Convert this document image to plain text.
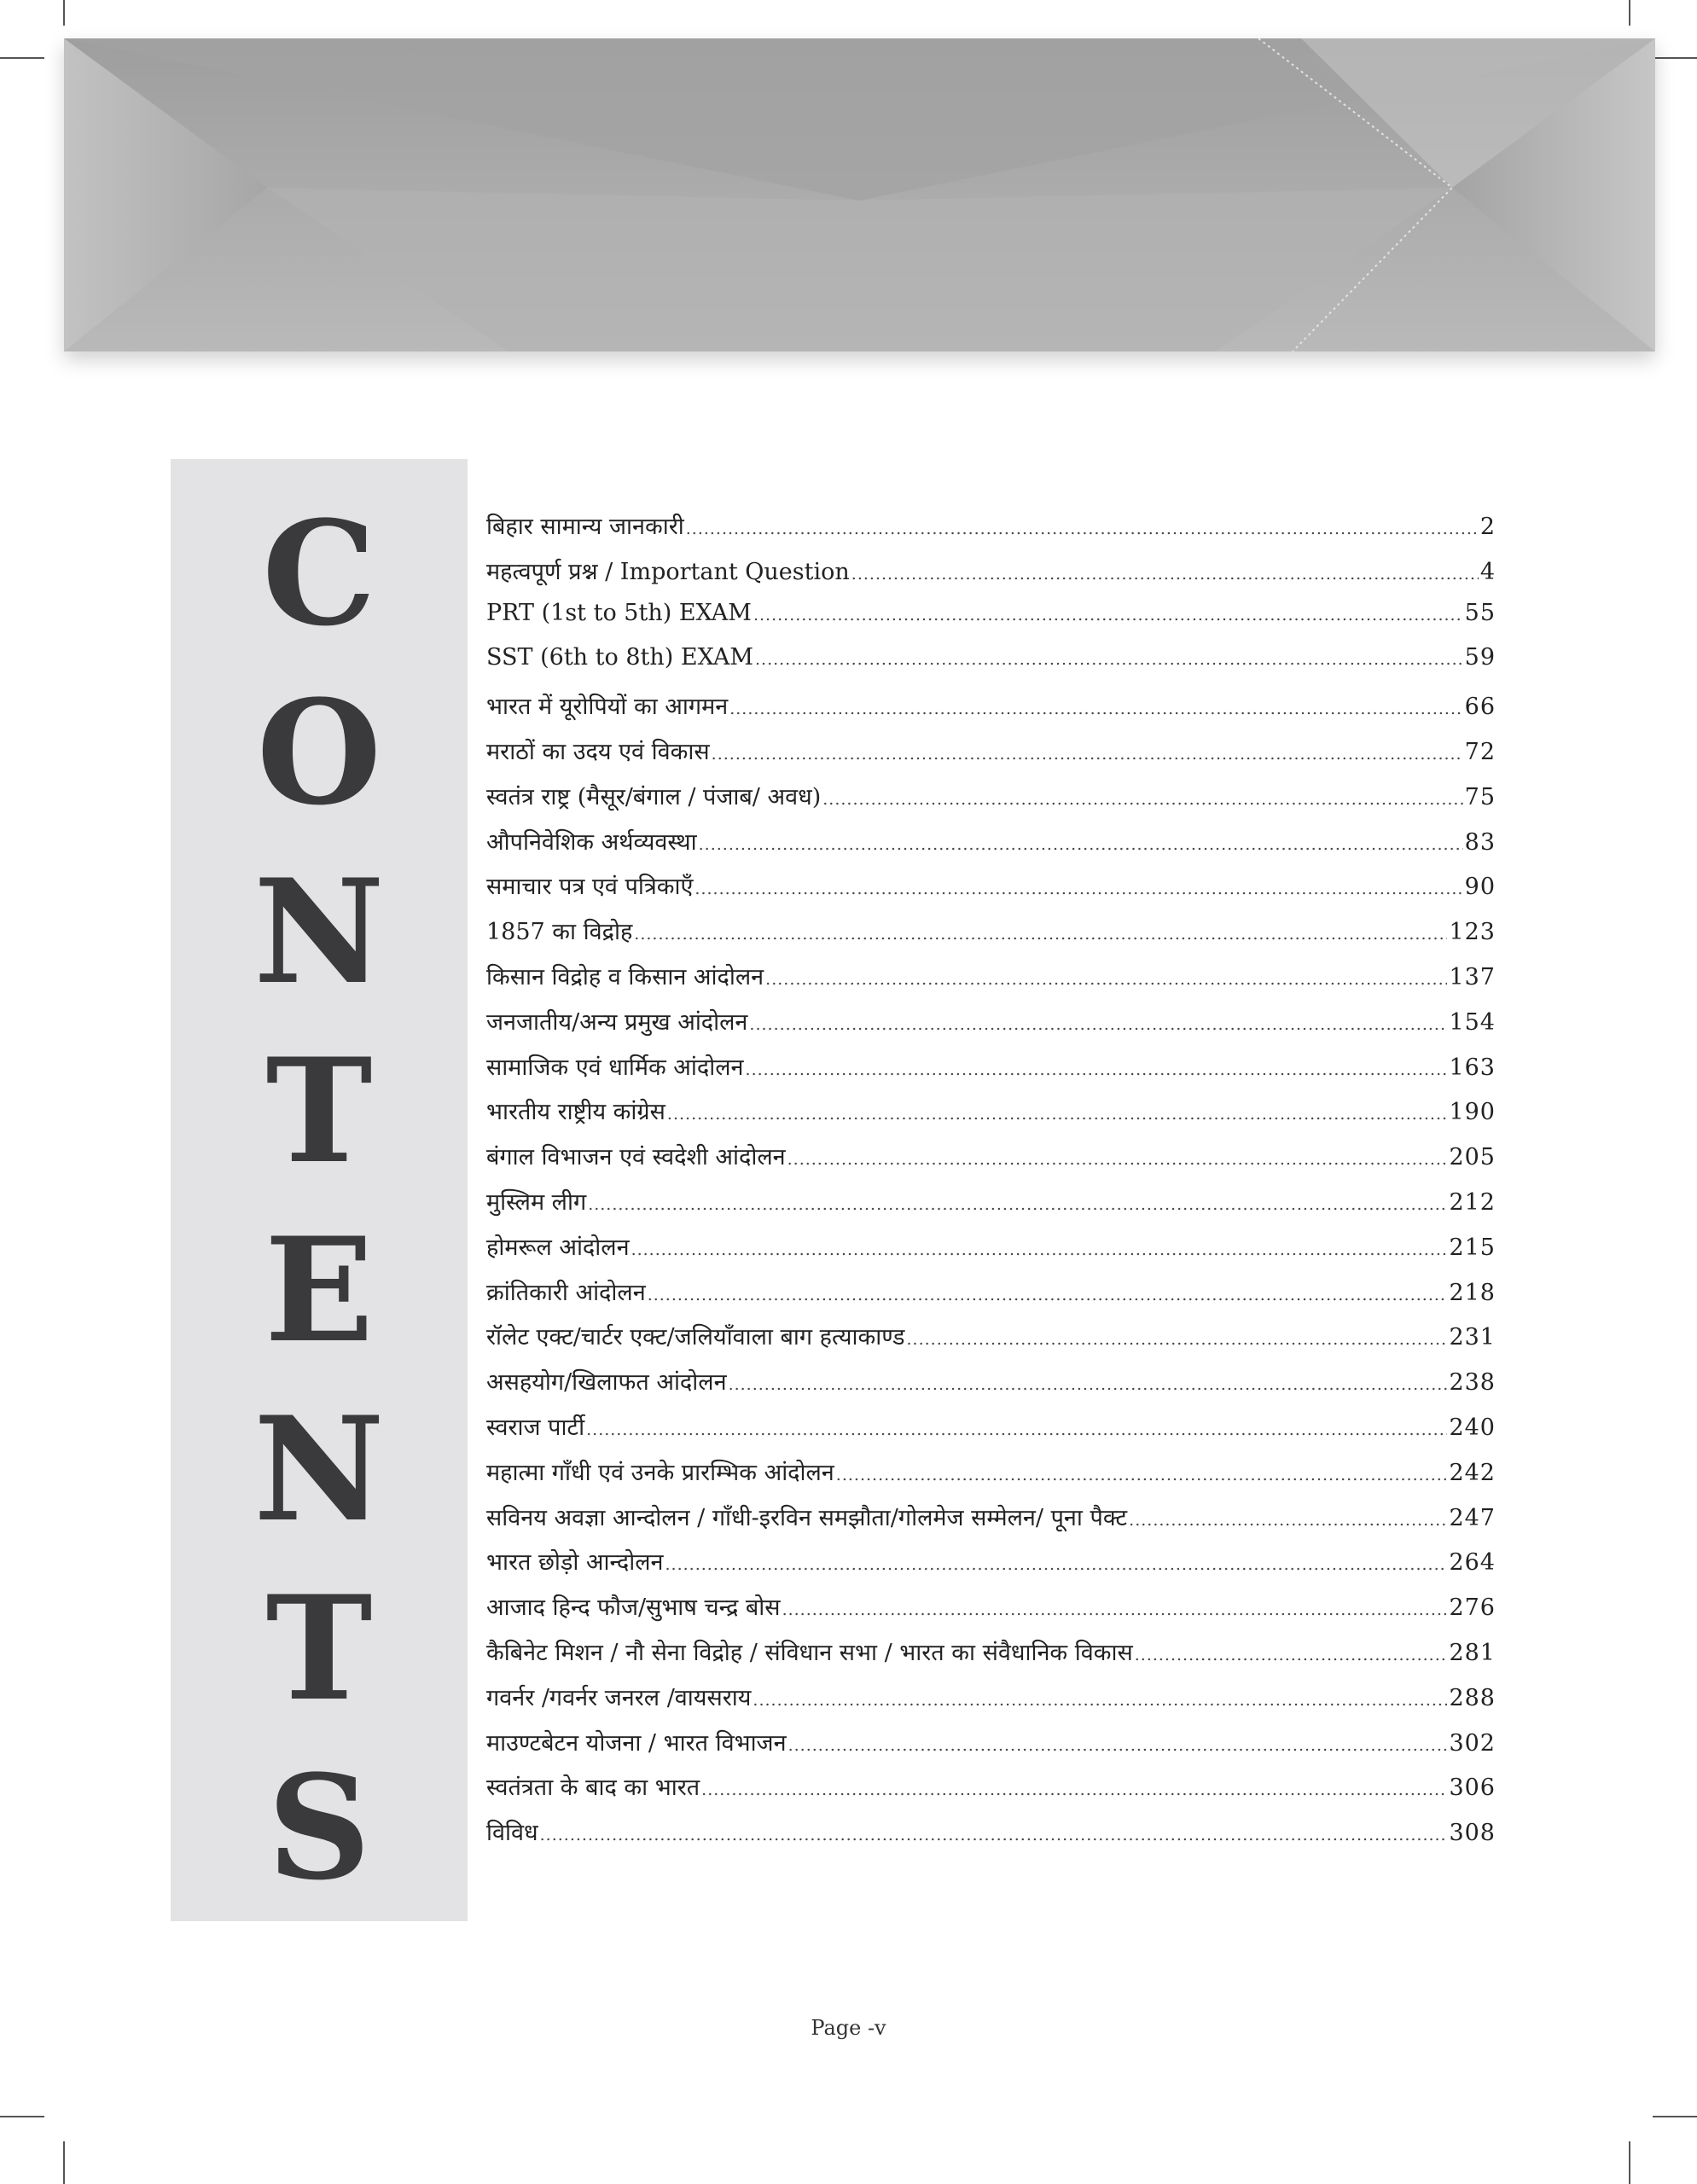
C
O
N
T
E
N
T
S
बिहार सामान्य जानकारी .....	2
महत्वपूर्ण प्रश्न / Important Question .....	4
PRT (1st to 5th) EXAM .....	55
SST (6th to 8th) EXAM .....	59
भारत में यूरोपियों का आगमन .....	66
मराठों का उदय एवं विकास .....	72
स्वतंत्र राष्ट्र (मैसूर/बंगाल / पंजाब/ अवध) .....	75
औपनिवेशिक अर्थव्यवस्था .....	83
समाचार पत्र एवं पत्रिकाएँ .....	90
1857 का विद्रोह .....	123
किसान विद्रोह व किसान आंदोलन .....	137
जनजातीय/अन्य प्रमुख आंदोलन .....	154
सामाजिक एवं धार्मिक आंदोलन .....	163
भारतीय राष्ट्रीय कांग्रेस .....	190
बंगाल विभाजन एवं स्वदेशी आंदोलन .....	205
मुस्लिम लीग .....	212
होमरूल आंदोलन .....	215
क्रांतिकारी आंदोलन .....	218
रॉलेट एक्ट/चार्टर एक्ट/जलियाँवाला बाग हत्याकाण्ड .....	231
असहयोग/खिलाफत आंदोलन .....	238
स्वराज पार्टी .....	240
महात्मा गाँधी एवं उनके प्रारम्भिक आंदोलन .....	242
सविनय अवज्ञा आन्दोलन / गाँधी-इरविन समझौता/गोलमेज सम्मेलन/ पूना पैक्ट .....	247
भारत छोड़ो आन्दोलन .....	264
आजाद हिन्द फौज/सुभाष चन्द्र बोस .....	276
कैबिनेट मिशन / नौ सेना विद्रोह / संविधान सभा / भारत का संवैधानिक विकास .....	281
गवर्नर /गवर्नर जनरल /वायसराय .....	288
माउण्टबेटन योजना / भारत विभाजन .....	302
स्वतंत्रता के बाद का भारत .....	306
विविध .....	308
Page -v
